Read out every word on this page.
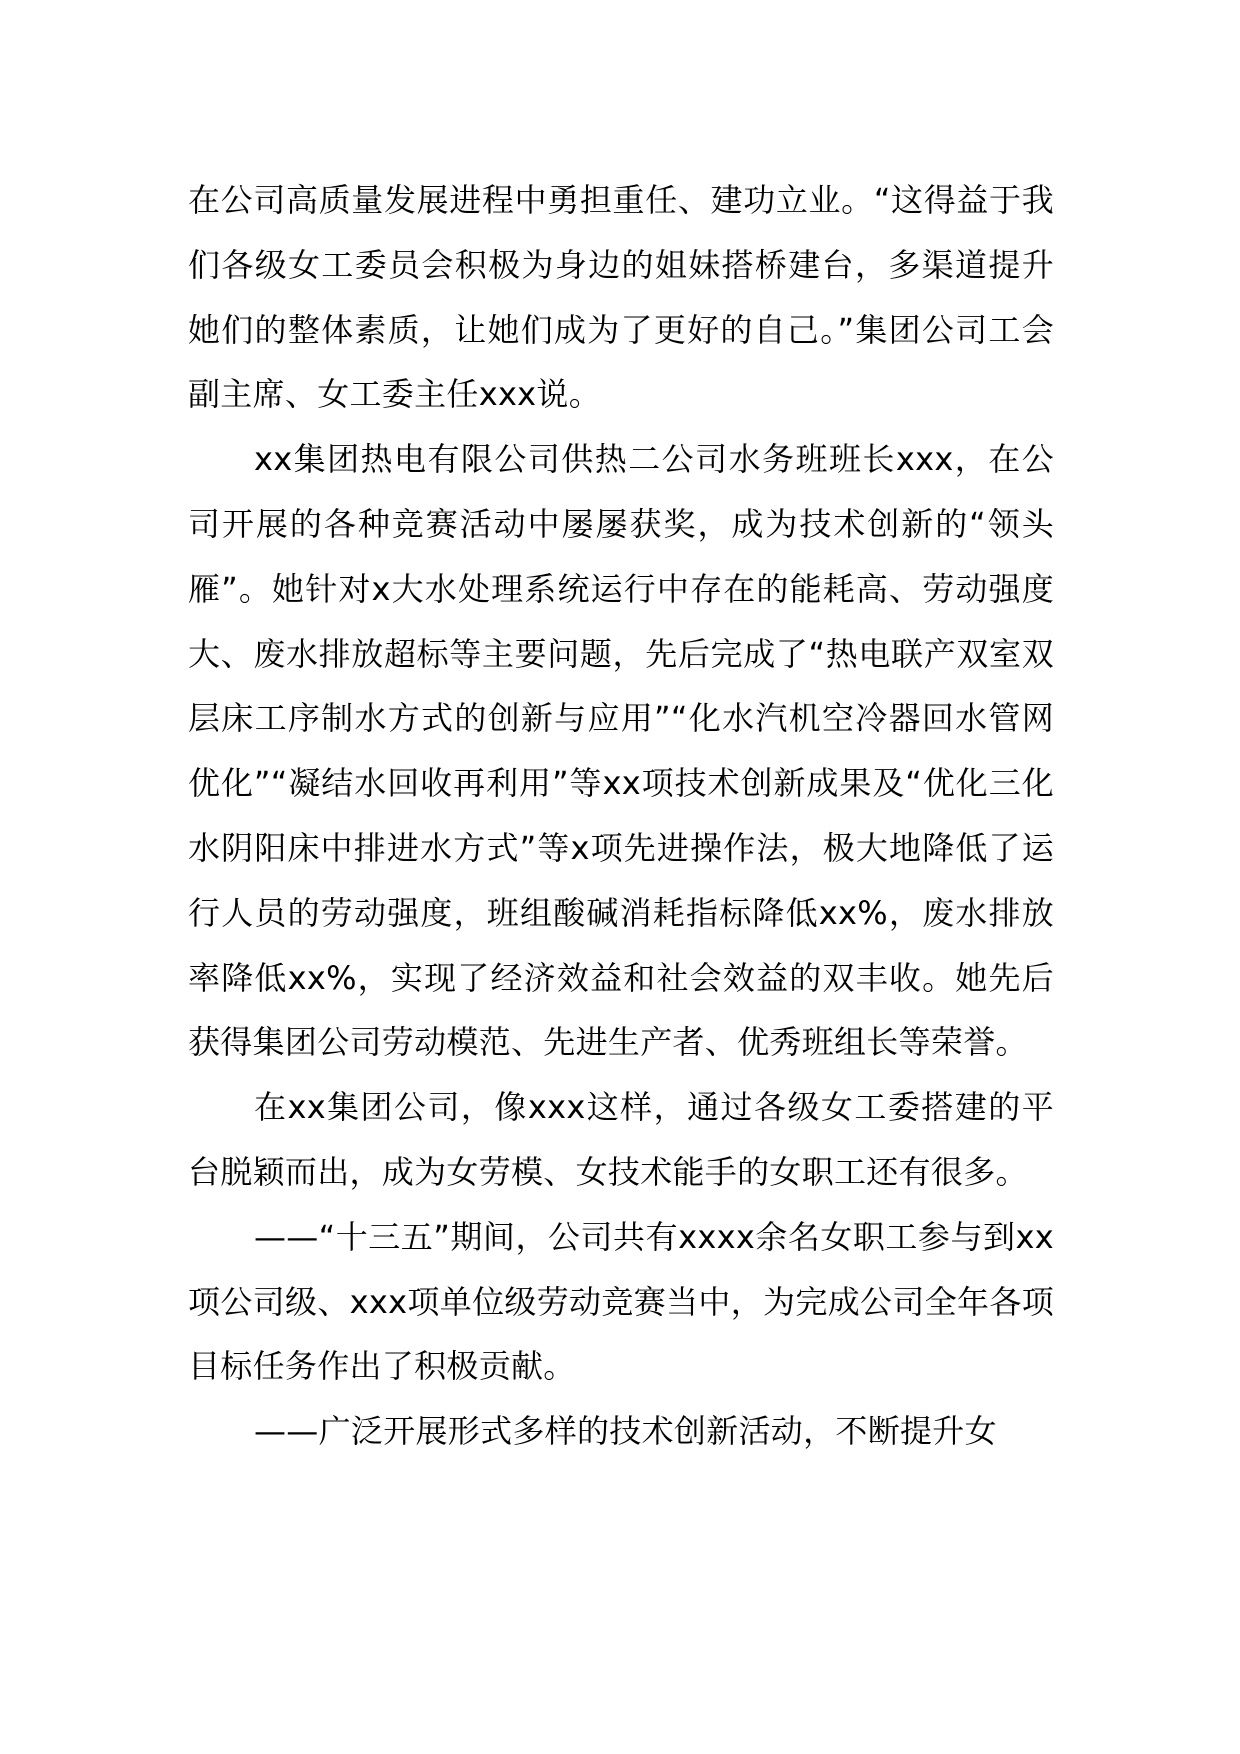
在公司高质量发展进程中勇担重任、建功立业。“这得益于我们各级女工委员会积极为身边的姐妹搭桥建台，多渠道提升她们的整体素质，让她们成为了更好的自己。”集团公司工会副主席、女工委主任xxx说。

xx集团热电有限公司供热二公司水务班班长xxx，在公司开展的各种竞赛活动中屡屡获奖，成为技术创新的“领头雁”。她针对x大水处理系统运行中存在的能耗高、劳动强度大、废水排放超标等主要问题，先后完成了“热电联产双室双层床工序制水方式的创新与应用”“化水汽机空冷器回水管网优化”“凝结水回收再利用”等xx项技术创新成果及“优化三化水阴阳床中排进水方式”等x项先进操作法，极大地降低了运行人员的劳动强度，班组酸碱消耗指标降低xx%，废水排放率降低xx%，实现了经济效益和社会效益的双丰收。她先后获得集团公司劳动模范、先进生产者、优秀班组长等荣誉。

在xx集团公司，像xxx这样，通过各级女工委搭建的平台脱颖而出，成为女劳模、女技术能手的女职工还有很多。

——“十三五”期间，公司共有xxxx余名女职工参与到xx项公司级、xxx项单位级劳动竞赛当中，为完成公司全年各项目标任务作出了积极贡献。

——广泛开展形式多样的技术创新活动，不断提升女
